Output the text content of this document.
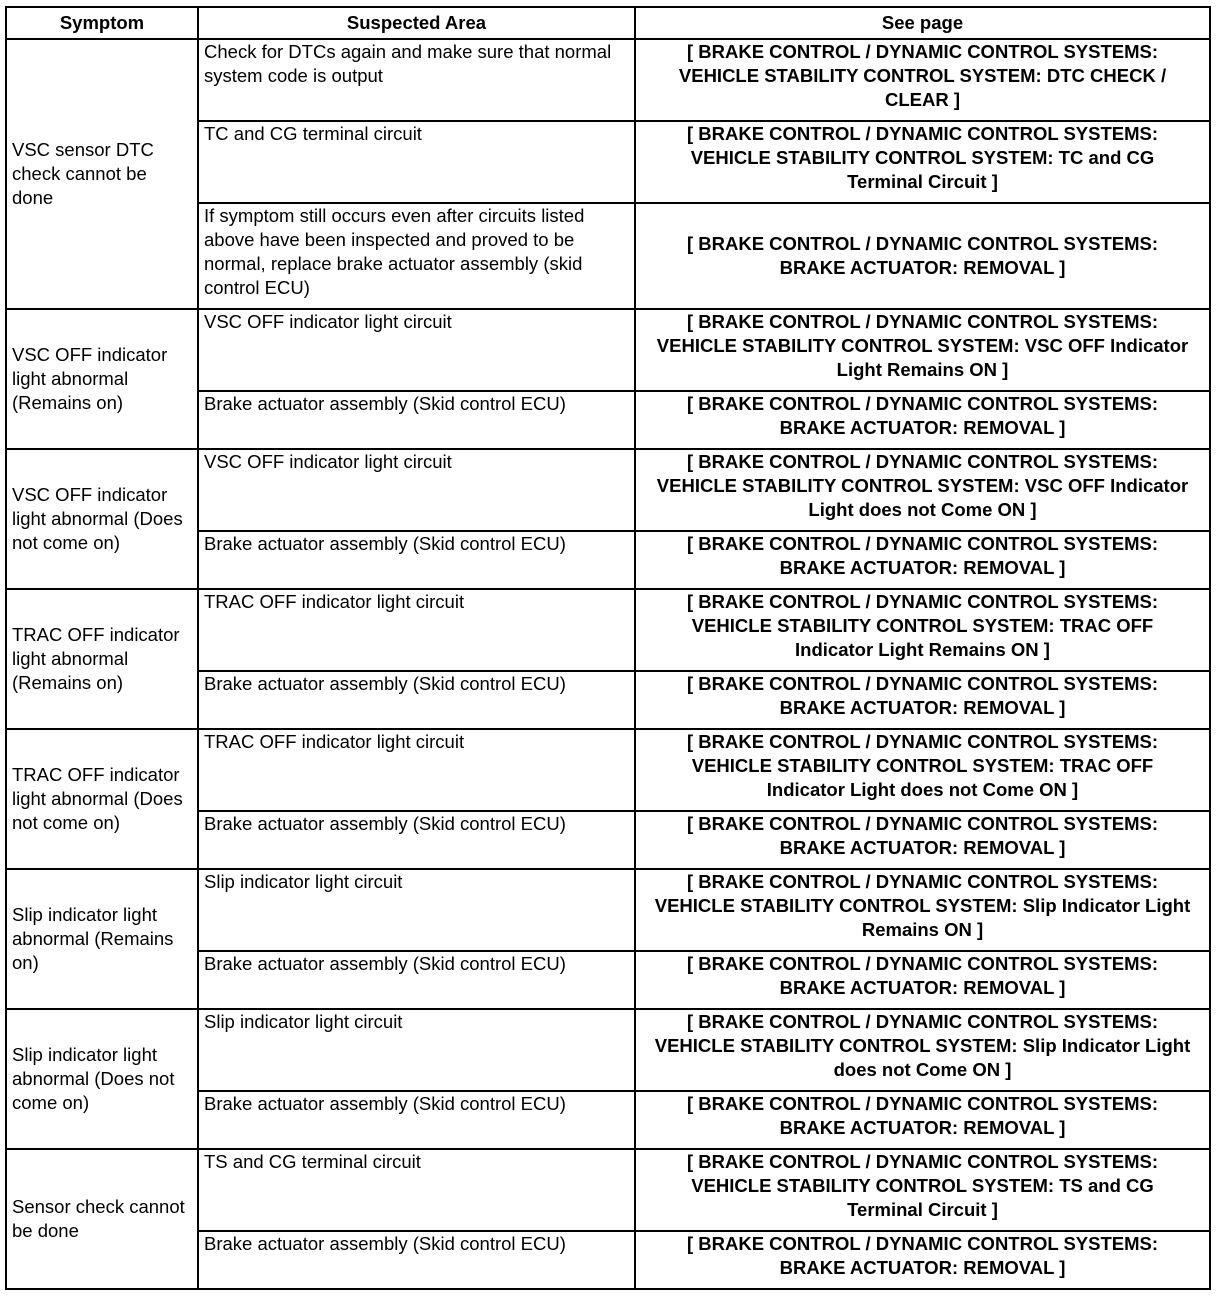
Symptom	Suspected Area	See page
VSC sensor DTC check cannot be done	Check for DTCs again and make sure that normal system code is output	[ BRAKE CONTROL / DYNAMIC CONTROL SYSTEMS: VEHICLE STABILITY CONTROL SYSTEM: DTC CHECK / CLEAR ]
	TC and CG terminal circuit	[ BRAKE CONTROL / DYNAMIC CONTROL SYSTEMS: VEHICLE STABILITY CONTROL SYSTEM: TC and CG Terminal Circuit ]
	If symptom still occurs even after circuits listed above have been inspected and proved to be normal, replace brake actuator assembly (skid control ECU)	[ BRAKE CONTROL / DYNAMIC CONTROL SYSTEMS: BRAKE ACTUATOR: REMOVAL ]
VSC OFF indicator light abnormal (Remains on)	VSC OFF indicator light circuit	[ BRAKE CONTROL / DYNAMIC CONTROL SYSTEMS: VEHICLE STABILITY CONTROL SYSTEM: VSC OFF Indicator Light Remains ON ]
	Brake actuator assembly (Skid control ECU)	[ BRAKE CONTROL / DYNAMIC CONTROL SYSTEMS: BRAKE ACTUATOR: REMOVAL ]
VSC OFF indicator light abnormal (Does not come on)	VSC OFF indicator light circuit	[ BRAKE CONTROL / DYNAMIC CONTROL SYSTEMS: VEHICLE STABILITY CONTROL SYSTEM: VSC OFF Indicator Light does not Come ON ]
	Brake actuator assembly (Skid control ECU)	[ BRAKE CONTROL / DYNAMIC CONTROL SYSTEMS: BRAKE ACTUATOR: REMOVAL ]
TRAC OFF indicator light abnormal (Remains on)	TRAC OFF indicator light circuit	[ BRAKE CONTROL / DYNAMIC CONTROL SYSTEMS: VEHICLE STABILITY CONTROL SYSTEM: TRAC OFF Indicator Light Remains ON ]
	Brake actuator assembly (Skid control ECU)	[ BRAKE CONTROL / DYNAMIC CONTROL SYSTEMS: BRAKE ACTUATOR: REMOVAL ]
TRAC OFF indicator light abnormal (Does not come on)	TRAC OFF indicator light circuit	[ BRAKE CONTROL / DYNAMIC CONTROL SYSTEMS: VEHICLE STABILITY CONTROL SYSTEM: TRAC OFF Indicator Light does not Come ON ]
	Brake actuator assembly (Skid control ECU)	[ BRAKE CONTROL / DYNAMIC CONTROL SYSTEMS: BRAKE ACTUATOR: REMOVAL ]
Slip indicator light abnormal (Remains on)	Slip indicator light circuit	[ BRAKE CONTROL / DYNAMIC CONTROL SYSTEMS: VEHICLE STABILITY CONTROL SYSTEM: Slip Indicator Light Remains ON ]
	Brake actuator assembly (Skid control ECU)	[ BRAKE CONTROL / DYNAMIC CONTROL SYSTEMS: BRAKE ACTUATOR: REMOVAL ]
Slip indicator light abnormal (Does not come on)	Slip indicator light circuit	[ BRAKE CONTROL / DYNAMIC CONTROL SYSTEMS: VEHICLE STABILITY CONTROL SYSTEM: Slip Indicator Light does not Come ON ]
	Brake actuator assembly (Skid control ECU)	[ BRAKE CONTROL / DYNAMIC CONTROL SYSTEMS: BRAKE ACTUATOR: REMOVAL ]
Sensor check cannot be done	TS and CG terminal circuit	[ BRAKE CONTROL / DYNAMIC CONTROL SYSTEMS: VEHICLE STABILITY CONTROL SYSTEM: TS and CG Terminal Circuit ]
	Brake actuator assembly (Skid control ECU)	[ BRAKE CONTROL / DYNAMIC CONTROL SYSTEMS: BRAKE ACTUATOR: REMOVAL ]
